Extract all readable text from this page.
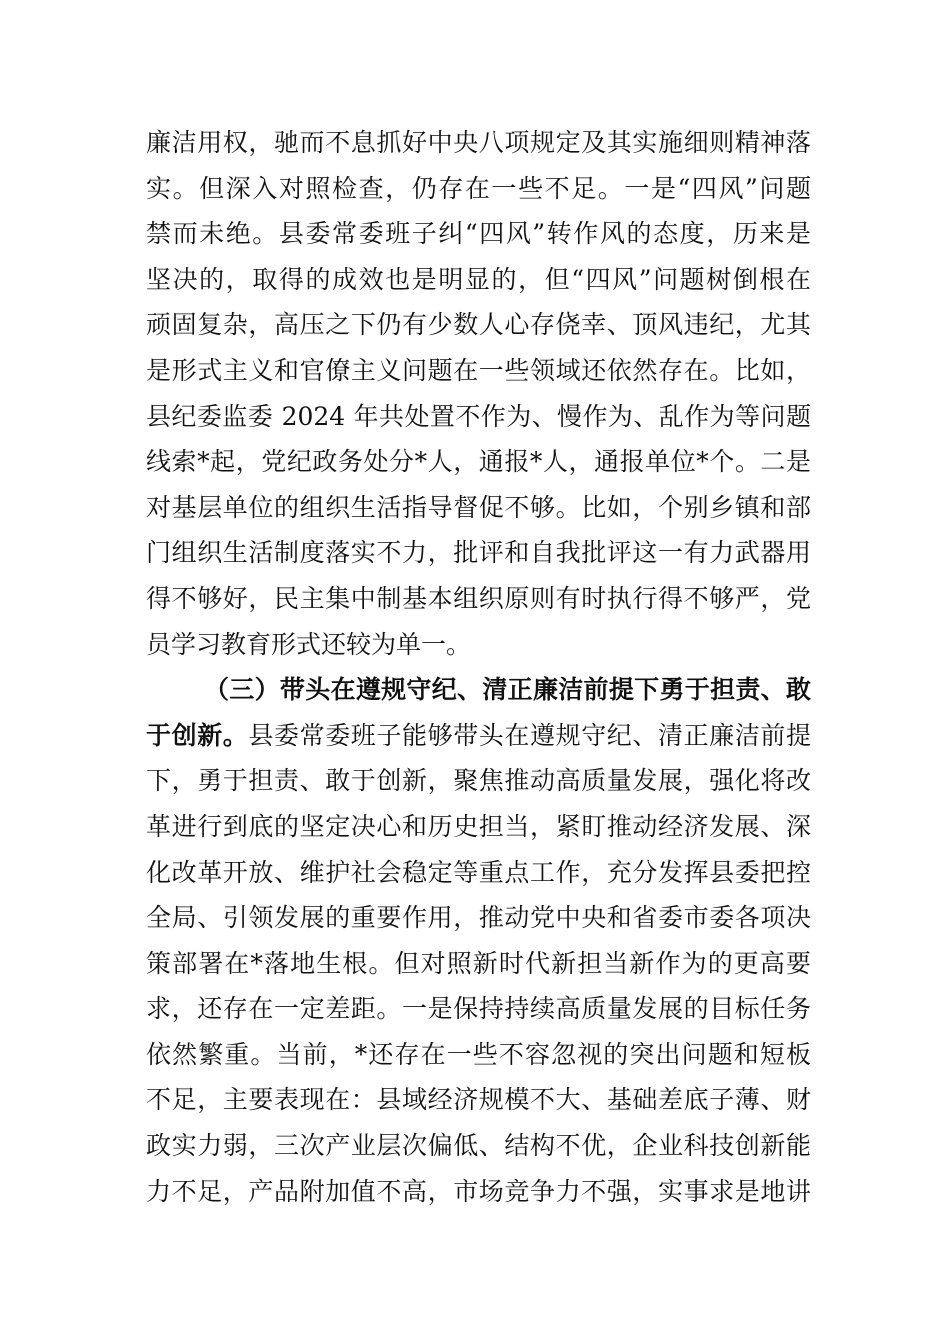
廉洁用权，驰而不息抓好中央八项规定及其实施细则精神落
实。但深入对照检查，仍存在一些不足。一是“四风”问题
禁而未绝。县委常委班子纠“四风”转作风的态度，历来是
坚决的，取得的成效也是明显的，但“四风”问题树倒根在
顽固复杂，高压之下仍有少数人心存侥幸、顶风违纪，尤其
是形式主义和官僚主义问题在一些领域还依然存在。比如，
县纪委监委 2024 年共处置不作为、慢作为、乱作为等问题
线索*起，党纪政务处分*人，通报*人，通报单位*个。二是
对基层单位的组织生活指导督促不够。比如，个别乡镇和部
门组织生活制度落实不力，批评和自我批评这一有力武器用
得不够好，民主集中制基本组织原则有时执行得不够严，党
员学习教育形式还较为单一。
（三）带头在遵规守纪、清正廉洁前提下勇于担责、敢
于创新。县委常委班子能够带头在遵规守纪、清正廉洁前提
下，勇于担责、敢于创新，聚焦推动高质量发展，强化将改
革进行到底的坚定决心和历史担当，紧盯推动经济发展、深
化改革开放、维护社会稳定等重点工作，充分发挥县委把控
全局、引领发展的重要作用，推动党中央和省委市委各项决
策部署在*落地生根。但对照新时代新担当新作为的更高要
求，还存在一定差距。一是保持持续高质量发展的目标任务
依然繁重。当前，*还存在一些不容忽视的突出问题和短板
不足，主要表现在：县域经济规模不大、基础差底子薄、财
政实力弱，三次产业层次偏低、结构不优，企业科技创新能
力不足，产品附加值不高，市场竞争力不强，实事求是地讲
